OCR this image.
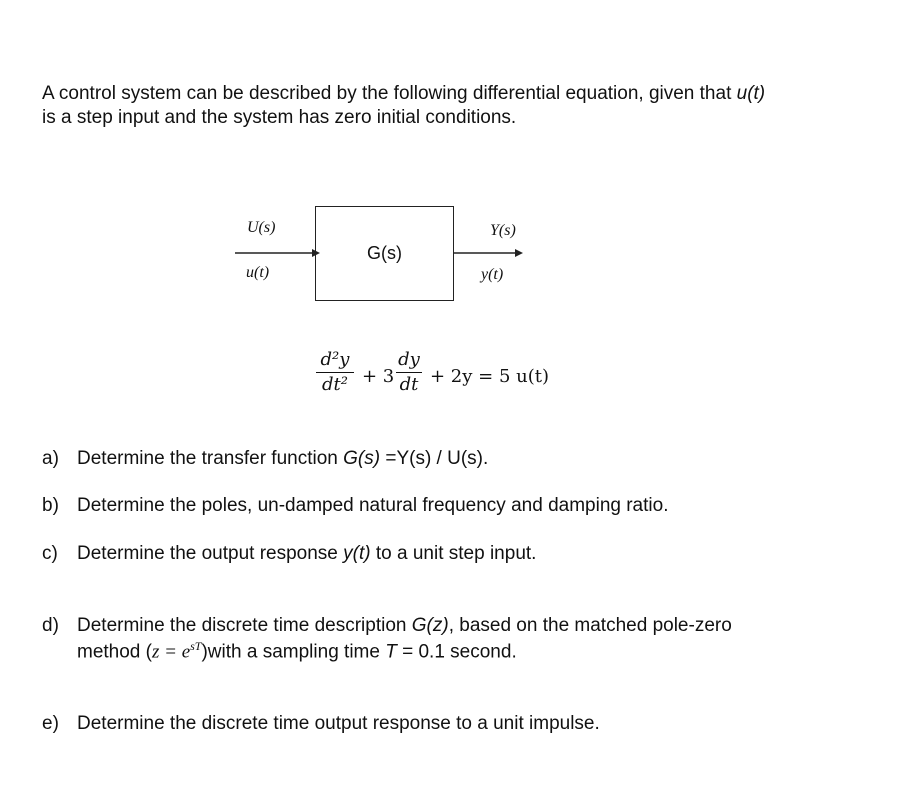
A control system can be described by the following differential equation, given that u(t)
is a step input and the system has zero initial conditions.
U(s)
u(t)
G(s)
Y(s)
y(t)
d²y
dt² + 3
dy
dt + 2y = 5 u(t)
a) Determine the transfer function G(s) =Y(s) / U(s).
b) Determine the poles, un-damped natural frequency and damping ratio.
c) Determine the output response y(t) to a unit step input.
d) Determine the discrete time description G(z), based on the matched pole-zero
method $(z = e^{sT})with$ a sampling time T = 0.1 second.
e) Determine the discrete time output response to a unit impulse.
